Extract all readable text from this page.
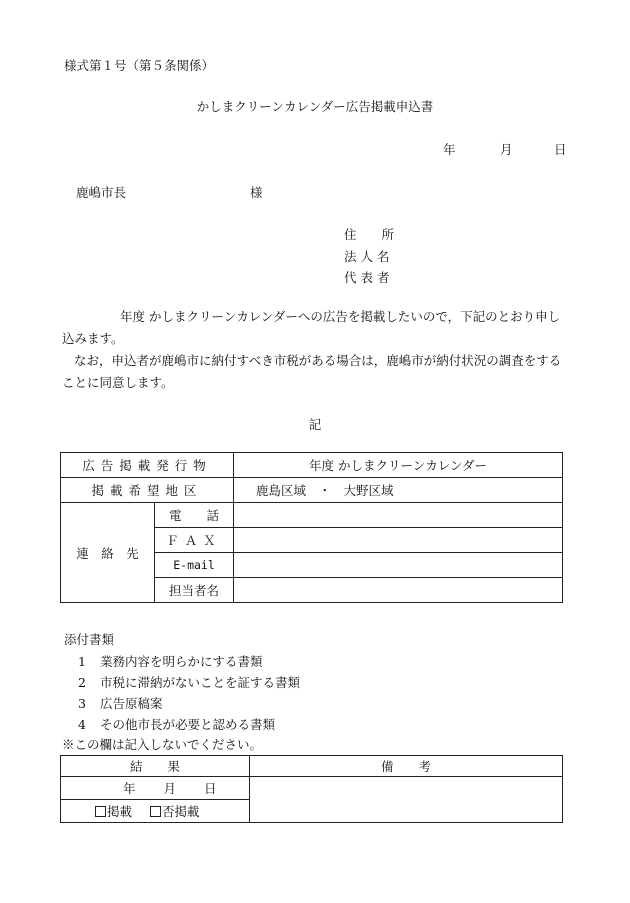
様式第１号（第５条関係）
かしまクリーンカレンダー広告掲載申込書
年	月	日
鹿嶋市長	様
住　　所
法 人 名
代 表 者

年度 かしまクリーンカレンダーへの広告を掲載したいので，下記のとおり申し込みます。

なお，申込者が鹿嶋市に納付すべき市税がある場合は，鹿嶋市が納付状況の調査をすることに同意します。

記
広告掲載発行物		年度 かしまクリーンカレンダー
掲載希望地区		鹿島区域　・　大野区域
連　絡　先	電　　話	
	ＦＡＸ	
	E-mail	
	担当者名	
添付書類
1 業務内容を明らかにする書類
2 市税に滞納がないことを証する書類
3 広告原稿案
4 その他市長が必要と認める書類
※この欄は記入しないでください。
結　　果	備　　考
年 月 日	
掲載 否掲載	
